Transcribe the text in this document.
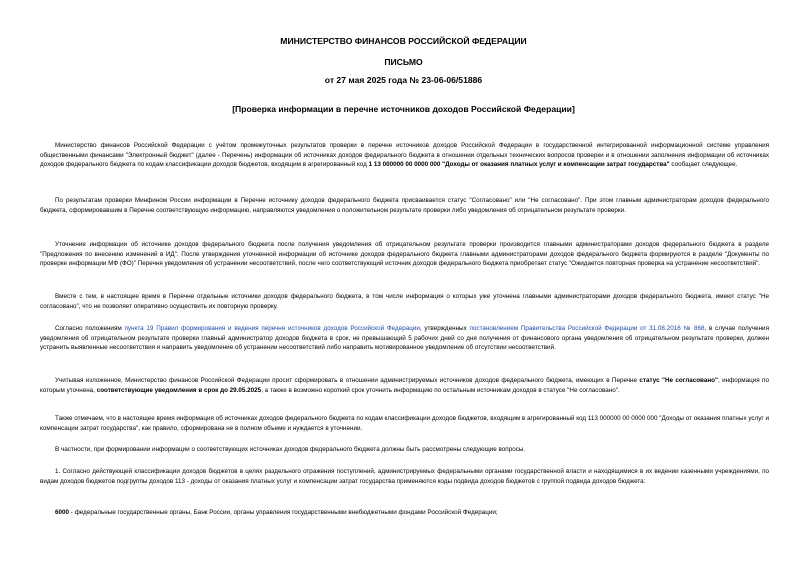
МИНИСТЕРСТВО ФИНАНСОВ РОССИЙСКОЙ ФЕДЕРАЦИИ
ПИСЬМО
от 27 мая 2025 года № 23-06-06/51886
[Проверка информации в перечне источников доходов Российской Федерации]
Министерство финансов Российской Федерации с учётом промежуточных результатов проверки в перечне источников доходов Российской Федерации в государственной интегрированной информационной системе управления общественными финансами "Электронный бюджет" (далее - Перечень) информации об источниках доходов федерального бюджета в отношении отдельных технических вопросов проверки и в отношении заполнения информации об источниках доходов федерального бюджета по кодам классификации доходов бюджетов, входящим в агрегированный код 1 13 000000 00 0000 000 "Доходы от оказания платных услуг и компенсации затрат государства" сообщает следующее.
По результатам проверки Минфином России информации в Перечне источнику доходов федерального бюджета присваивается статус "Согласовано" или "Не согласовано". При этом главным администраторам доходов федерального бюджета, сформировавшим в Перечне соответствующую информацию, направляются уведомления о положительном результате проверки либо уведомления об отрицательном результате проверки.
Уточнение информации об источнике доходов федерального бюджета после получения уведомления об отрицательном результате проверки производится главными администраторами доходов федерального бюджета в разделе "Предложения по внесению изменений в ИД". После утверждения уточненной информации об источнике доходов федерального бюджета главными администраторами доходов федерального бюджета формируются в разделе "Документы по проверке информации МФ (ФО)" Перечня уведомления об устранении несоответствий, после чего соответствующий источник доходов федерального бюджета приобретает статус "Ожидается повторная проверка на устранение несоответствий".
Вместе с тем, в настоящее время в Перечне отдельные источники доходов федерального бюджета, в том числе информация о которых уже уточнена главными администраторами доходов федерального бюджета, имеют статус "Не согласовано", что не позволяет оперативно осуществить их повторную проверку.
Согласно положениям пункта 19 Правил формирования и ведения перечня источников доходов Российской Федерации, утвержденных постановлением Правительства Российской Федерации от 31.08.2016 № 868, в случае получения уведомления об отрицательном результате проверки главный администратор доходов бюджета в срок, не превышающий 5 рабочих дней со дня получения от финансового органа уведомления об отрицательном результате проверки, должен устранить выявленные несоответствия и направить уведомление об устранении несоответствий либо направить мотивированное уведомление об отсутствии несоответствий.
Учитывая изложенное, Министерство финансов Российской Федерации просит сформировать в отношении администрируемых источников доходов федерального бюджета, имеющих в Перечне статус "Не согласовано", информация по которым уточнена, соответствующие уведомления в срок до 29.05.2025, а также в возможно короткий срок уточнить информацию по остальным источникам доходов в статусе "Не согласовано".
Также отмечаем, что в настоящее время информация об источниках доходов федерального бюджета по кодам классификации доходов бюджетов, входящим в агрегированный код 113 000000 00 0000 000 "Доходы от оказания платных услуг и компенсации затрат государства", как правило, сформирована не в полном объеме и нуждается в уточнении.
В частности, при формировании информации о соответствующих источниках доходов федерального бюджета должны быть рассмотрены следующие вопросы.
1. Согласно действующей классификации доходов бюджетов в целях раздельного отражения поступлений, администрируемых федеральными органами государственной власти и находящимися в их ведении казенными учреждениями, по видам доходов бюджетов подгруппы доходов 113 - доходы от оказания платных услуг и компенсации затрат государства применяются коды подвида доходов бюджетов с группой подвида доходов бюджета:
6000 - федеральные государственные органы, Банк России, органы управления государственными внебюджетными фондами Российской Федерации;
